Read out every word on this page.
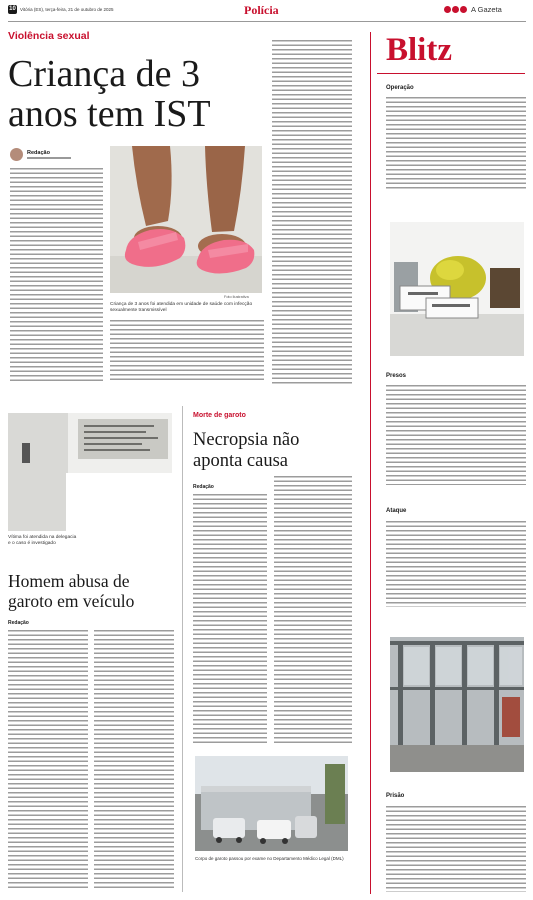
10 Vitória (ES), terça-feira, 21 de outubro de 2025	Polícia	A Gazeta
Violência sexual
Criança de 3 anos tem IST
Redação
Foto ilustrativa
Criança de 3 anos foi atendida em unidade de saúde com infecção sexualmente transmissível
Vítima foi atendida na delegacia
e o caso é investigado
Homem abusa de garoto em veículo
Redação
Morte de garoto
Necropsia não aponta causa
Redação
Corpo de garoto passou por exame no Departamento Médico Legal (DML)
Blitz
Operação
Presos
Ataque
Prisão
